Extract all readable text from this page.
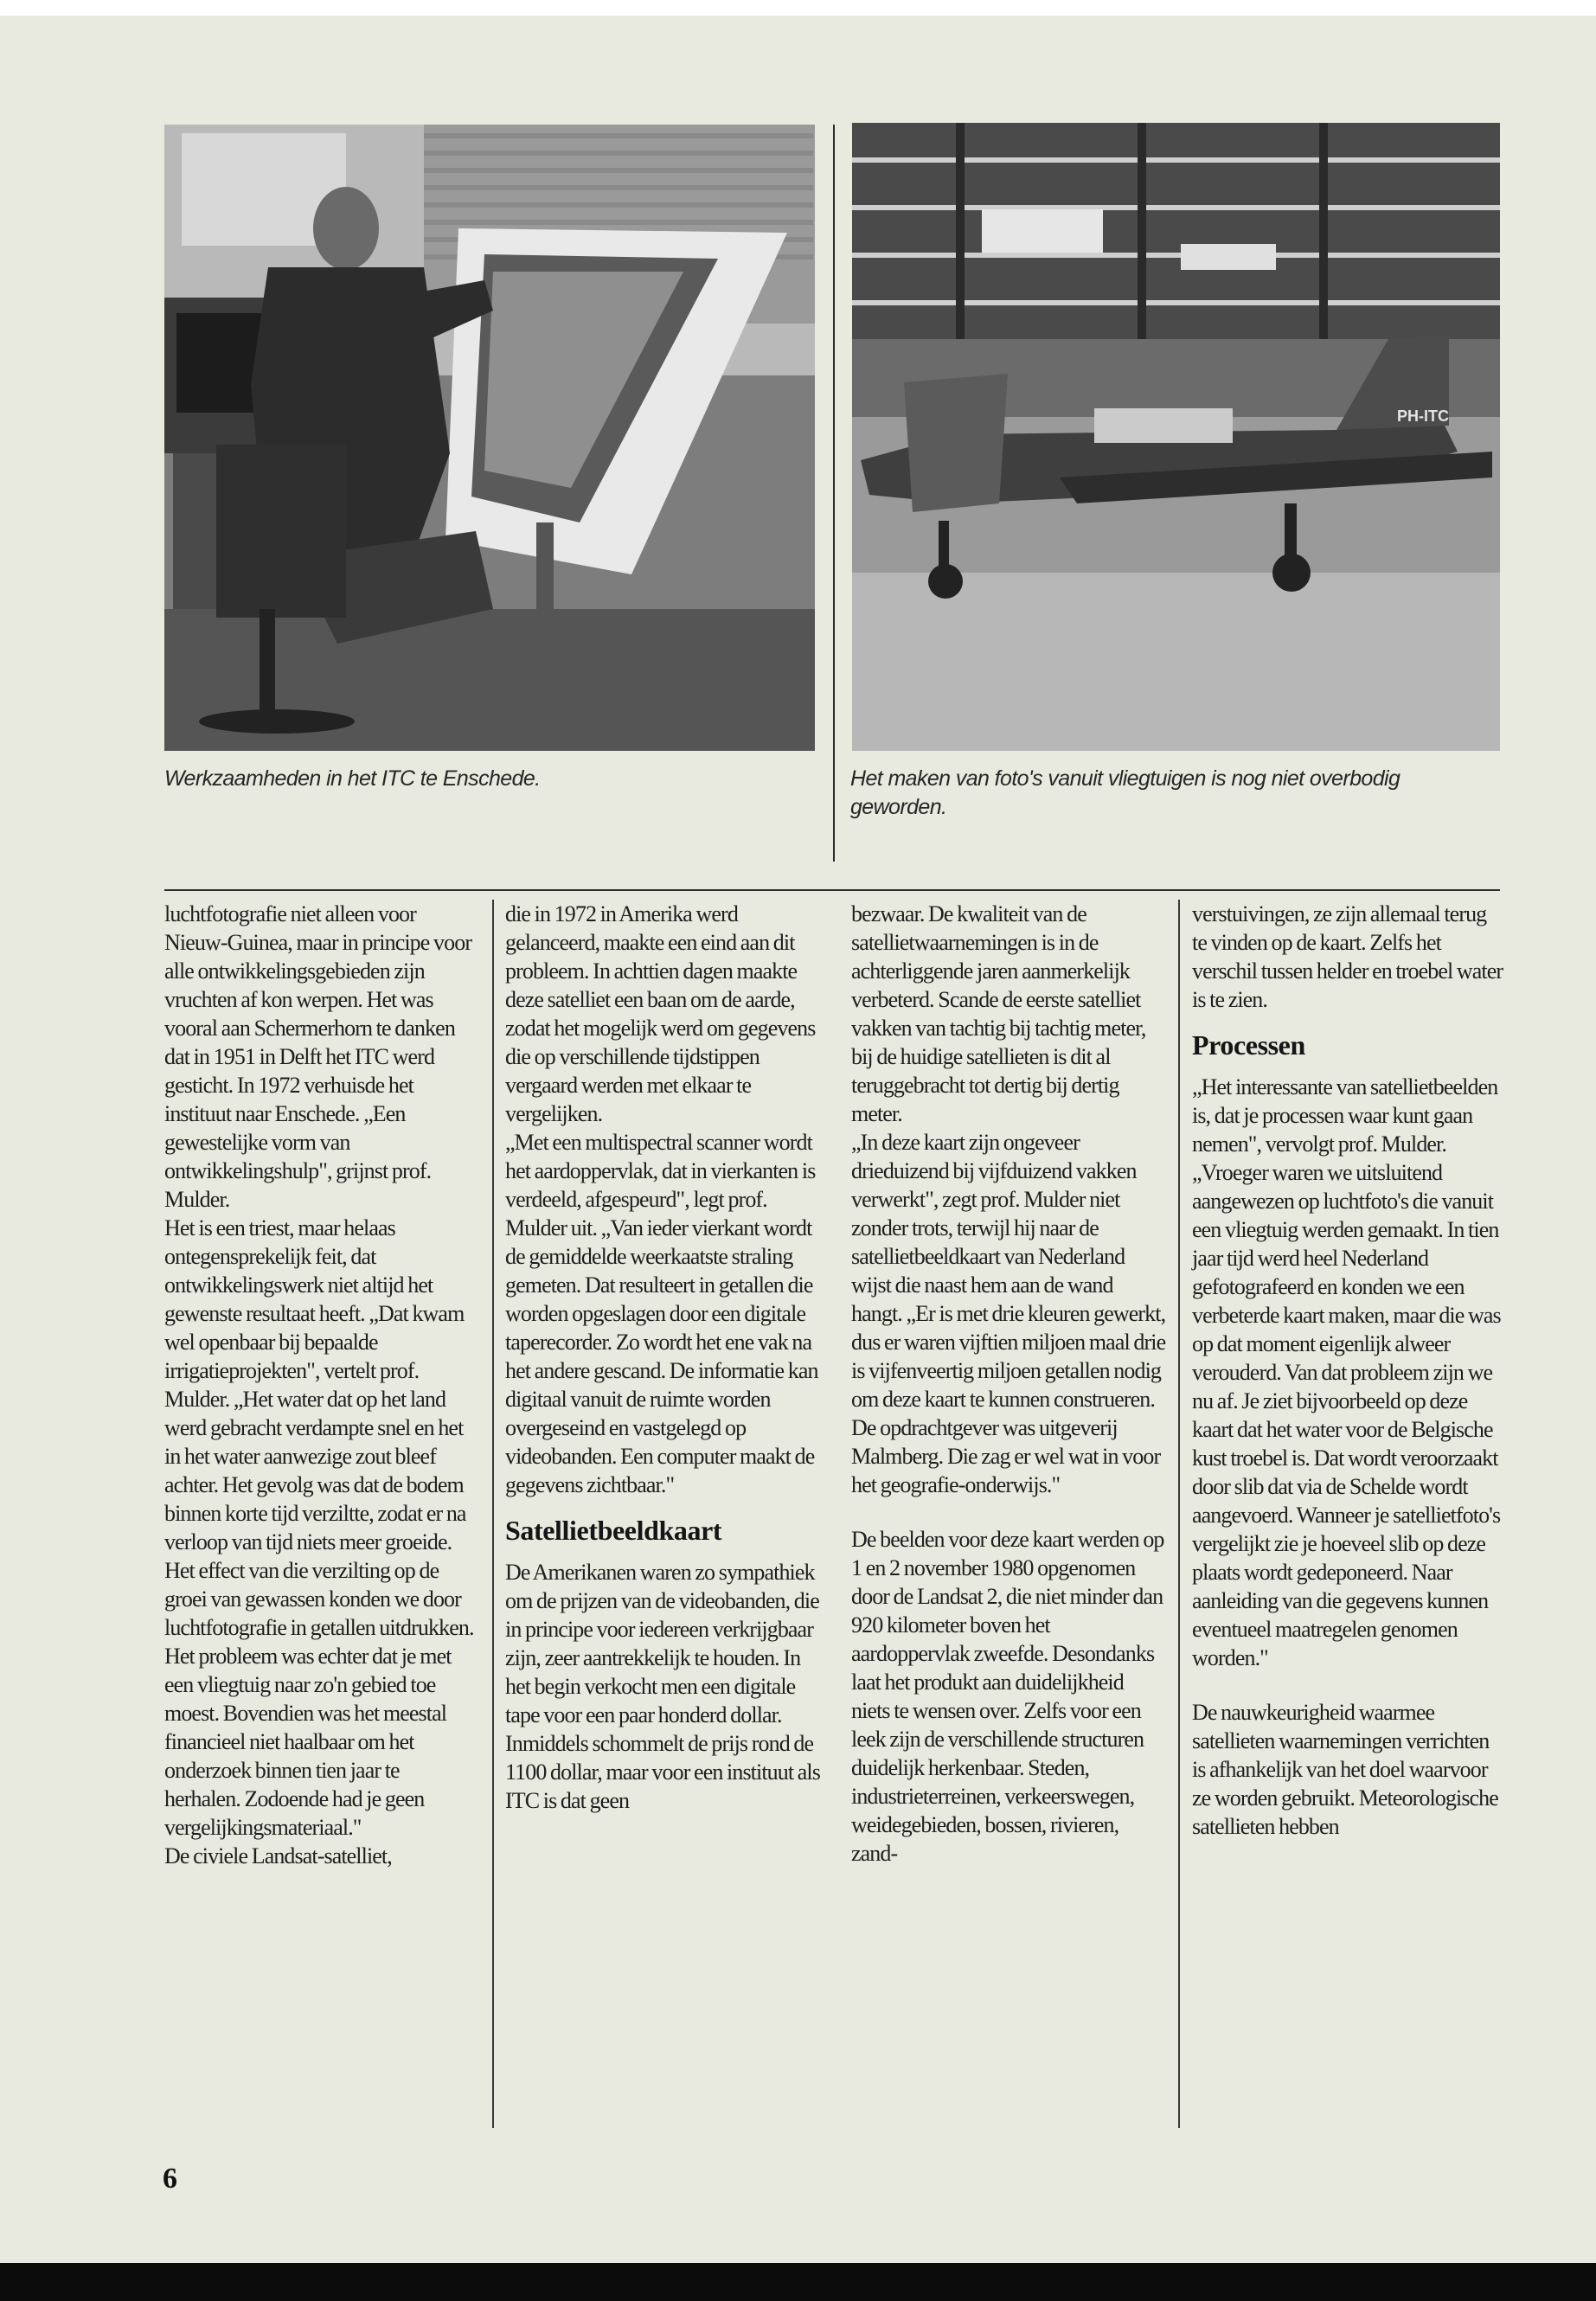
PH-ITC
Werkzaamheden in het ITC te Enschede.	Het maken van foto's vanuit vliegtuigen is nog niet overbodig geworden.

luchtfotografie niet alleen voor Nieuw-Guinea, maar in principe voor alle ontwikkelingsgebieden zijn vruchten af kon werpen. Het was vooral aan Schermerhorn te danken dat in 1951 in Delft het ITC werd gesticht. In 1972 verhuisde het instituut naar Enschede. „Een gewestelijke vorm van ontwikkelingshulp", grijnst prof. Mulder.

Het is een triest, maar helaas ontegensprekelijk feit, dat ontwikkelingswerk niet altijd het gewenste resultaat heeft. „Dat kwam wel openbaar bij bepaalde irrigatieprojekten", vertelt prof. Mulder. „Het water dat op het land werd gebracht verdampte snel en het in het water aanwezige zout bleef achter. Het gevolg was dat de bodem binnen korte tijd verziltte, zodat er na verloop van tijd niets meer groeide. Het effect van die verzilting op de groei van gewassen konden we door luchtfotografie in getallen uitdrukken. Het probleem was echter dat je met een vliegtuig naar zo'n gebied toe moest. Bovendien was het meestal financieel niet haalbaar om het onderzoek binnen tien jaar te herhalen. Zodoende had je geen vergelijkingsmateriaal."

De civiele Landsat-satelliet,

die in 1972 in Amerika werd gelanceerd, maakte een eind aan dit probleem. In achttien dagen maakte deze satelliet een baan om de aarde, zodat het mogelijk werd om gegevens die op verschillende tijdstippen vergaard werden met elkaar te vergelijken.

„Met een multispectral scanner wordt het aardoppervlak, dat in vierkanten is verdeeld, afgespeurd", legt prof. Mulder uit. „Van ieder vierkant wordt de gemiddelde weerkaatste straling gemeten. Dat resulteert in getallen die worden opgeslagen door een digitale taperecorder. Zo wordt het ene vak na het andere gescand. De informatie kan digitaal vanuit de ruimte worden overgeseind en vastgelegd op videobanden. Een computer maakt de gegevens zichtbaar."

Satellietbeeldkaart

De Amerikanen waren zo sympathiek om de prijzen van de videobanden, die in principe voor iedereen verkrijgbaar zijn, zeer aantrekkelijk te houden. In het begin verkocht men een digitale tape voor een paar honderd dollar. Inmiddels schommelt de prijs rond de 1100 dollar, maar voor een instituut als ITC is dat geen

bezwaar. De kwaliteit van de satellietwaarnemingen is in de achterliggende jaren aanmerkelijk verbeterd. Scande de eerste satelliet vakken van tachtig bij tachtig meter, bij de huidige satellieten is dit al teruggebracht tot dertig bij dertig meter.

„In deze kaart zijn ongeveer drieduizend bij vijfduizend vakken verwerkt", zegt prof. Mulder niet zonder trots, terwijl hij naar de satellietbeeldkaart van Nederland wijst die naast hem aan de wand hangt. „Er is met drie kleuren gewerkt, dus er waren vijftien miljoen maal drie is vijfenveertig miljoen getallen nodig om deze kaart te kunnen construeren. De opdrachtgever was uitgeverij Malmberg. Die zag er wel wat in voor het geografie-onderwijs."

De beelden voor deze kaart werden op 1 en 2 november 1980 opgenomen door de Landsat 2, die niet minder dan 920 kilometer boven het aardoppervlak zweefde. Desondanks laat het produkt aan duidelijkheid niets te wensen over. Zelfs voor een leek zijn de verschillende structuren duidelijk herkenbaar. Steden, industrieterreinen, verkeerswegen, weidegebieden, bossen, rivieren, zand-

verstuivingen, ze zijn allemaal terug te vinden op de kaart. Zelfs het verschil tussen helder en troebel water is te zien.

Processen

„Het interessante van satellietbeelden is, dat je processen waar kunt gaan nemen", vervolgt prof. Mulder. „Vroeger waren we uitsluitend aangewezen op luchtfoto's die vanuit een vliegtuig werden gemaakt. In tien jaar tijd werd heel Nederland gefotografeerd en konden we een verbeterde kaart maken, maar die was op dat moment eigenlijk alweer verouderd. Van dat probleem zijn we nu af. Je ziet bijvoorbeeld op deze kaart dat het water voor de Belgische kust troebel is. Dat wordt veroorzaakt door slib dat via de Schelde wordt aangevoerd. Wanneer je satellietfoto's vergelijkt zie je hoeveel slib op deze plaats wordt gedeponeerd. Naar aanleiding van die gegevens kunnen eventueel maatregelen genomen worden."

De nauwkeurigheid waarmee satellieten waarnemingen verrichten is afhankelijk van het doel waarvoor ze worden gebruikt. Meteorologische satellieten hebben

6
